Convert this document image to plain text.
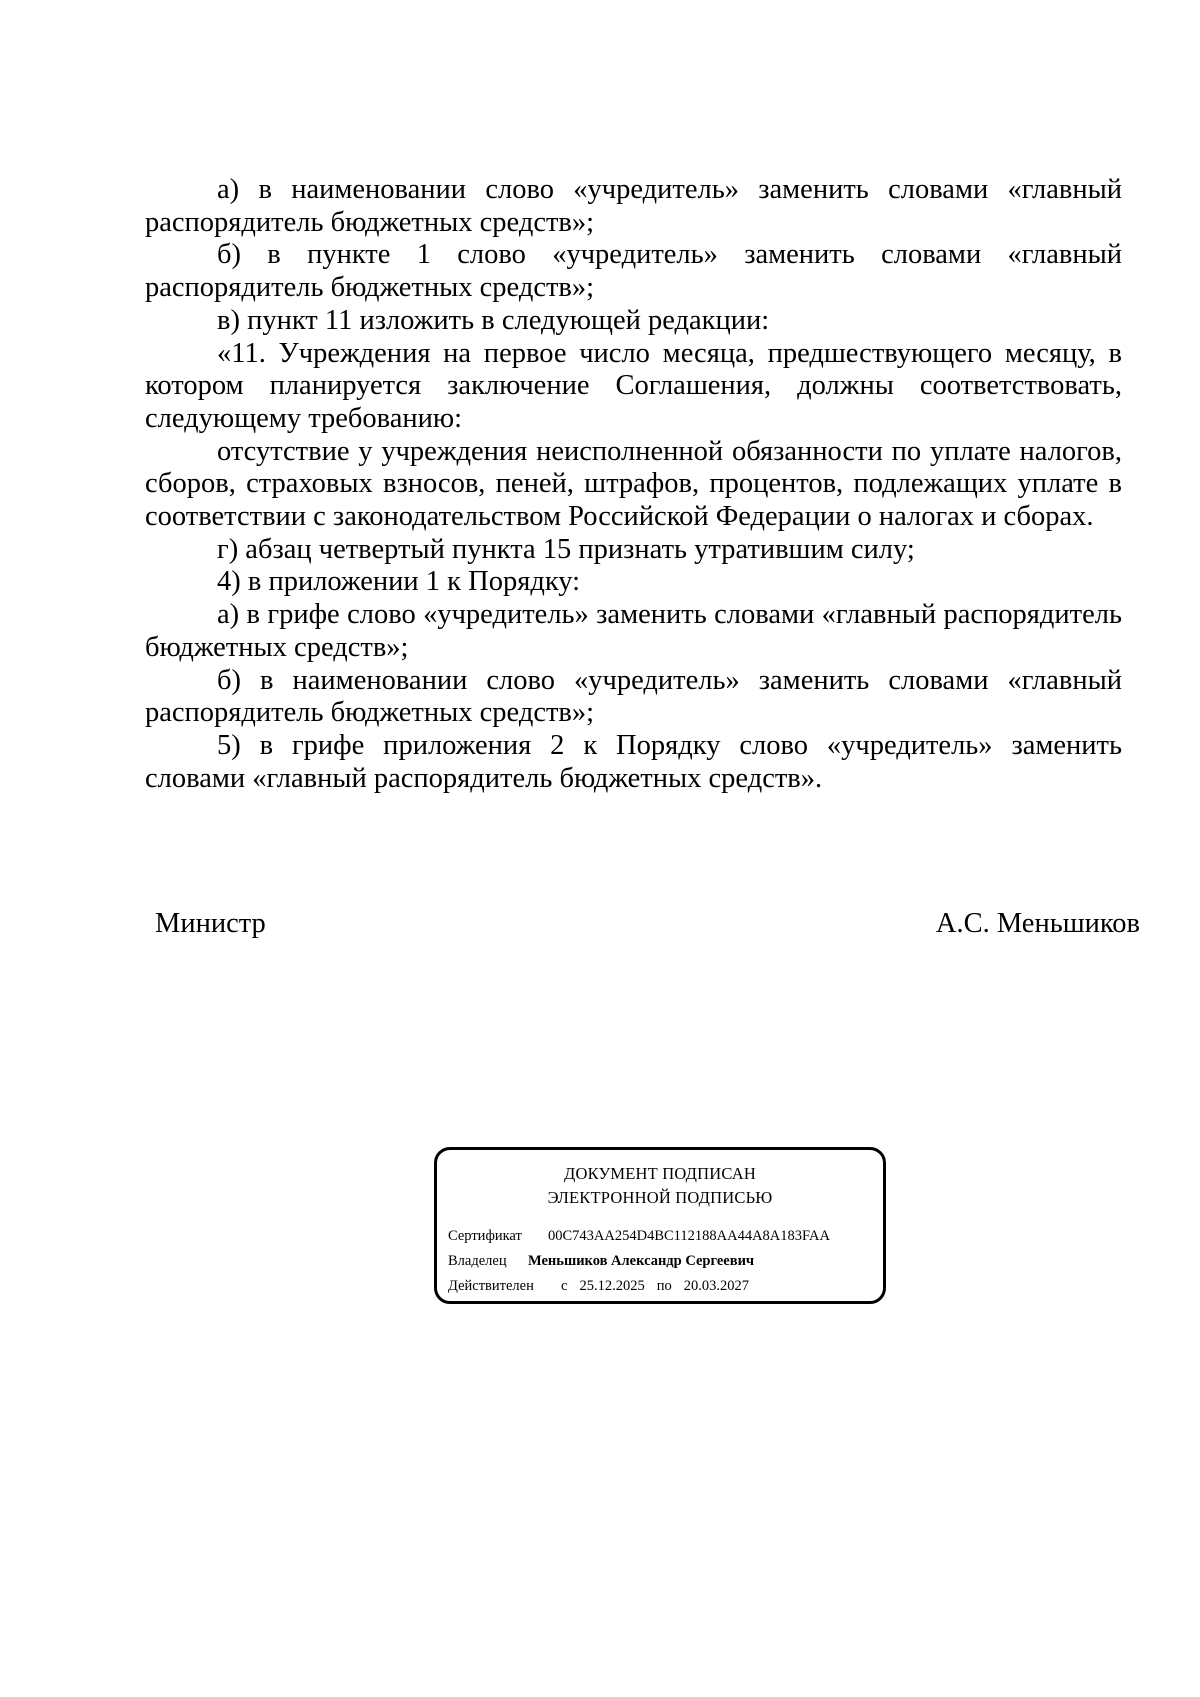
а) в наименовании слово «учредитель» заменить словами «главный распорядитель бюджетных средств»;

б) в пункте 1 слово «учредитель» заменить словами «главный распорядитель бюджетных средств»;

в) пункт 11 изложить в следующей редакции:

«11. Учреждения на первое число месяца, предшествующего месяцу, в котором планируется заключение Соглашения, должны соответствовать, следующему требованию:

отсутствие у учреждения неисполненной обязанности по уплате налогов, сборов, страховых взносов, пеней, штрафов, процентов, подлежащих уплате в соответствии с законодательством Российской Федерации о налогах и сборах.

г) абзац четвертый пункта 15 признать утратившим силу;

4) в приложении 1 к Порядку:

а) в грифе слово «учредитель» заменить словами «главный распорядитель бюджетных средств»;

б) в наименовании слово «учредитель» заменить словами «главный распорядитель бюджетных средств»;

5) в грифе приложения 2 к Порядку слово «учредитель» заменить словами «главный распорядитель бюджетных средств».

Министр	А.С. Меньшиков
ДОКУМЕНТ ПОДПИСАН
ЭЛЕКТРОННОЙ ПОДПИСЬЮ
Сертификат 00C743AA254D4BC112188AA44A8A183FAA
Владелец Меньшиков Александр Сергеевич
Действителен с 25.12.2025 по 20.03.2027
